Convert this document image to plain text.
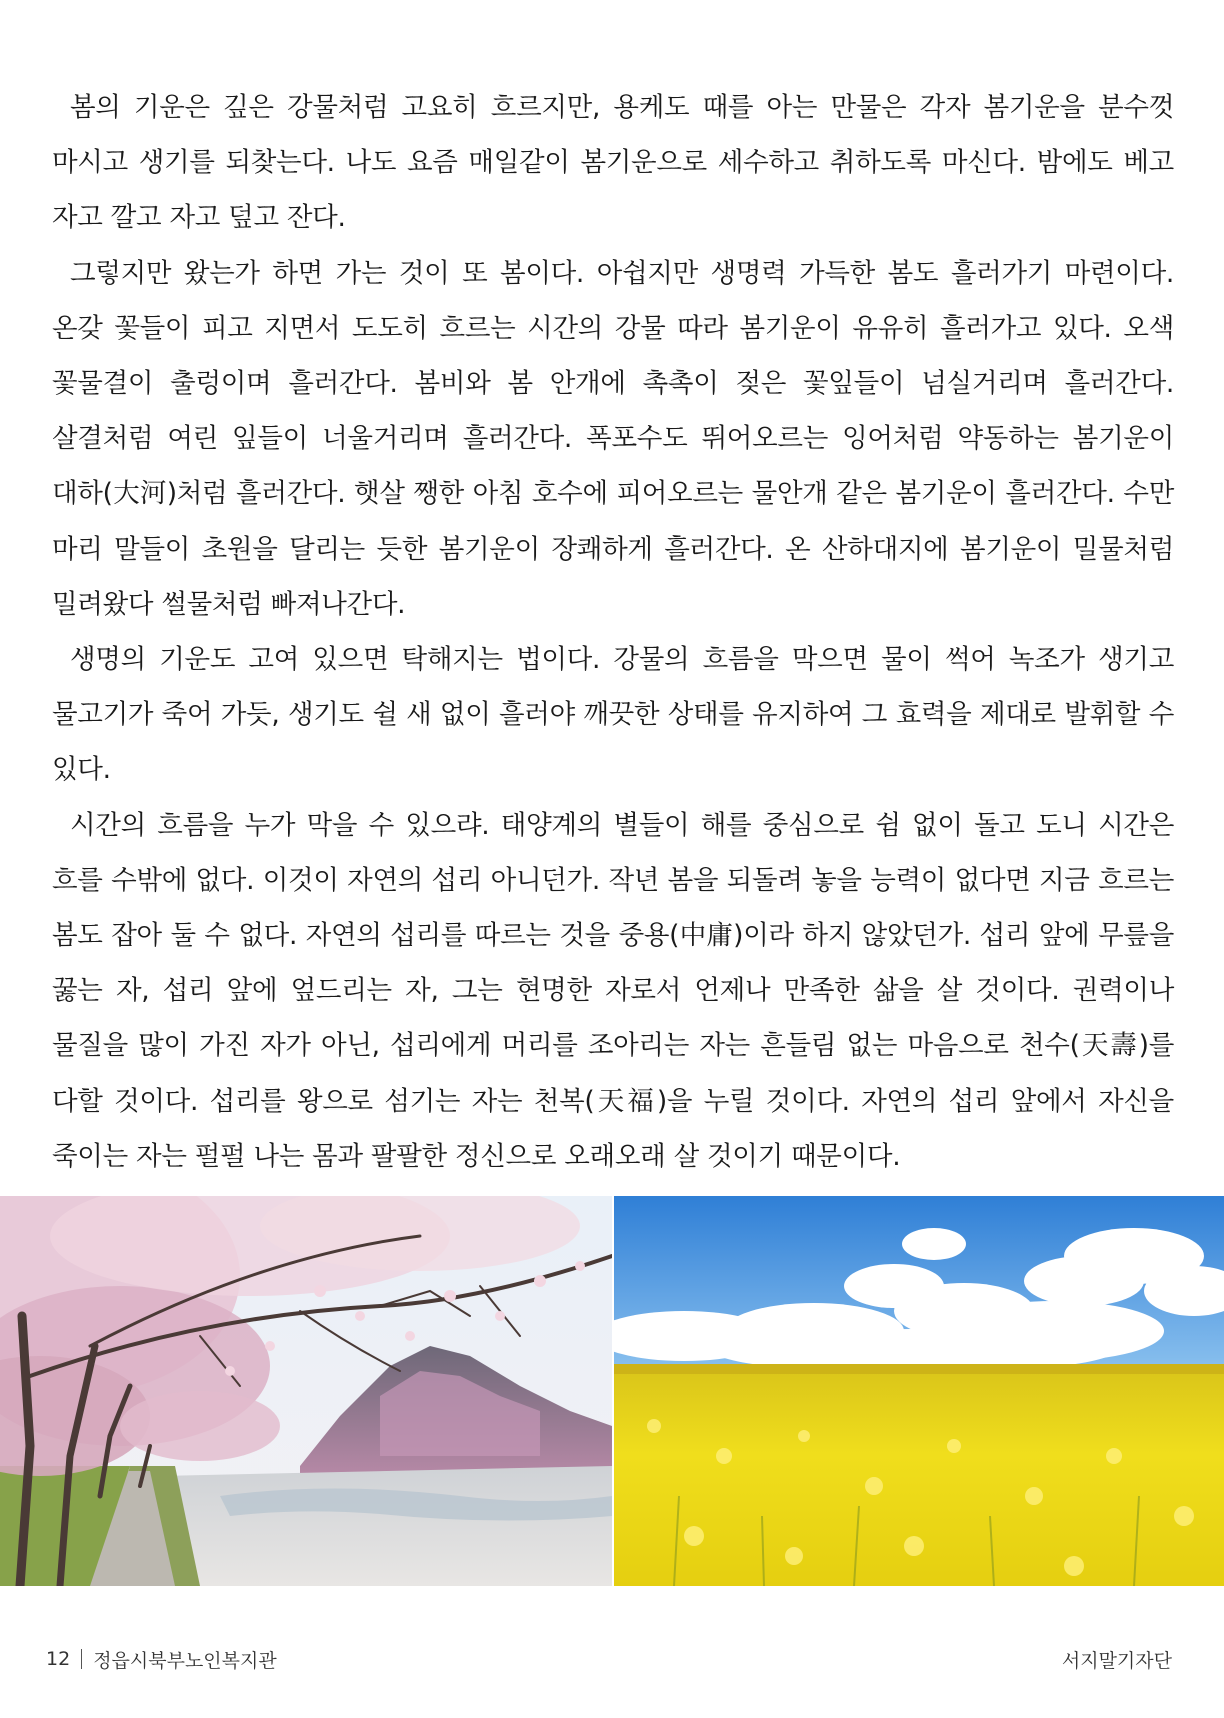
봄의 기운은 깊은 강물처럼 고요히 흐르지만, 용케도 때를 아는 만물은 각자 봄기운을 분수껏 마시고 생기를 되찾는다. 나도 요즘 매일같이 봄기운으로 세수하고 취하도록 마신다. 밤에도 베고 자고 깔고 자고 덮고 잔다.

그렇지만 왔는가 하면 가는 것이 또 봄이다. 아쉽지만 생명력 가득한 봄도 흘러가기 마련이다. 온갖 꽃들이 피고 지면서 도도히 흐르는 시간의 강물 따라 봄기운이 유유히 흘러가고 있다. 오색 꽃물결이 출렁이며 흘러간다. 봄비와 봄 안개에 촉촉이 젖은 꽃잎들이 넘실거리며 흘러간다. 살결처럼 여린 잎들이 너울거리며 흘러간다. 폭포수도 뛰어오르는 잉어처럼 약동하는 봄기운이 대하(大河)처럼 흘러간다. 햇살 쨍한 아침 호수에 피어오르는 물안개 같은 봄기운이 흘러간다. 수만 마리 말들이 초원을 달리는 듯한 봄기운이 장쾌하게 흘러간다. 온 산하대지에 봄기운이 밀물처럼 밀려왔다 썰물처럼 빠져나간다.

생명의 기운도 고여 있으면 탁해지는 법이다. 강물의 흐름을 막으면 물이 썩어 녹조가 생기고 물고기가 죽어 가듯, 생기도 쉴 새 없이 흘러야 깨끗한 상태를 유지하여 그 효력을 제대로 발휘할 수 있다.

시간의 흐름을 누가 막을 수 있으랴. 태양계의 별들이 해를 중심으로 쉼 없이 돌고 도니 시간은 흐를 수밖에 없다. 이것이 자연의 섭리 아니던가. 작년 봄을 되돌려 놓을 능력이 없다면 지금 흐르는 봄도 잡아 둘 수 없다. 자연의 섭리를 따르는 것을 중용(中庸)이라 하지 않았던가. 섭리 앞에 무릎을 꿇는 자, 섭리 앞에 엎드리는 자, 그는 현명한 자로서 언제나 만족한 삶을 살 것이다. 권력이나 물질을 많이 가진 자가 아닌, 섭리에게 머리를 조아리는 자는 흔들림 없는 마음으로 천수(天壽)를 다할 것이다. 섭리를 왕으로 섬기는 자는 천복(天福)을 누릴 것이다. 자연의 섭리 앞에서 자신을 죽이는 자는 펄펄 나는 몸과 팔팔한 정신으로 오래오래 살 것이기 때문이다.

12 정읍시북부노인복지관	서지말기자단
